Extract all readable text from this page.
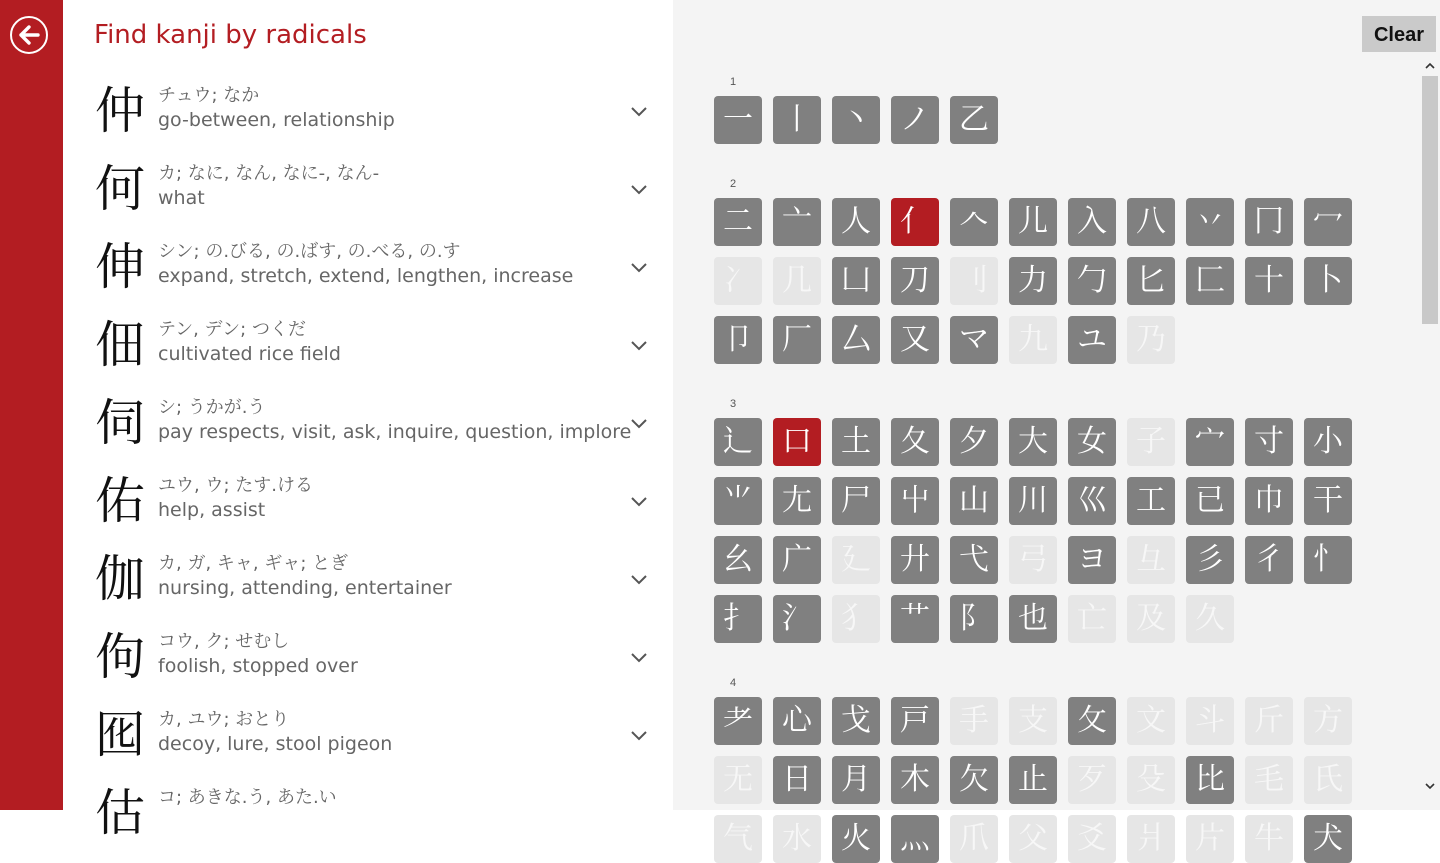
Find kanji by radicals
仲 チュウ; なか
go-between, relationship
何 カ; なに, なん, なに-, なん-
what
伸 シン; の.びる, の.ばす, の.べる, の.す
expand, stretch, extend, lengthen, increase
佃 テン, デン; つくだ
cultivated rice field
伺 シ; うかが.う
pay respects, visit, ask, inquire, question, implore
佑 ユウ, ウ; たす.ける
help, assist
伽 カ, ガ, キャ, ギャ; とぎ
nursing, attending, entertainer
佝 コウ, ク; せむし
foolish, stopped over
囮 カ, ユウ; おとり
decoy, lure, stool pigeon
估 コ; あきな.う, あた.い
Clear
1
一 丨 丶 ノ 乙
2
二 亠 人 亻 𠆢 儿 入 八 丷 冂 冖
冫 几 凵 刀 刂 力 勹 匕 匚 十 卜
卩 厂 厶 又 マ 九 ユ 乃
3
⻌ 口 土 夂 夕 大 女 子 宀 寸 小
⺌ 尢 尸 屮 山 川 巛 工 已 巾 干
幺 广 廴 廾 弋 弓 ヨ 彑 彡 彳 忄
扌 氵 犭 艹 阝 也 亡 及 久
4
⺹ 心 戈 戸 手 支 攵 文 斗 斤 方
无 日 月 木 欠 止 歹 殳 比 毛 氏
气 水 火 ⺣ 爪 父 爻 爿 片 牛 犬
